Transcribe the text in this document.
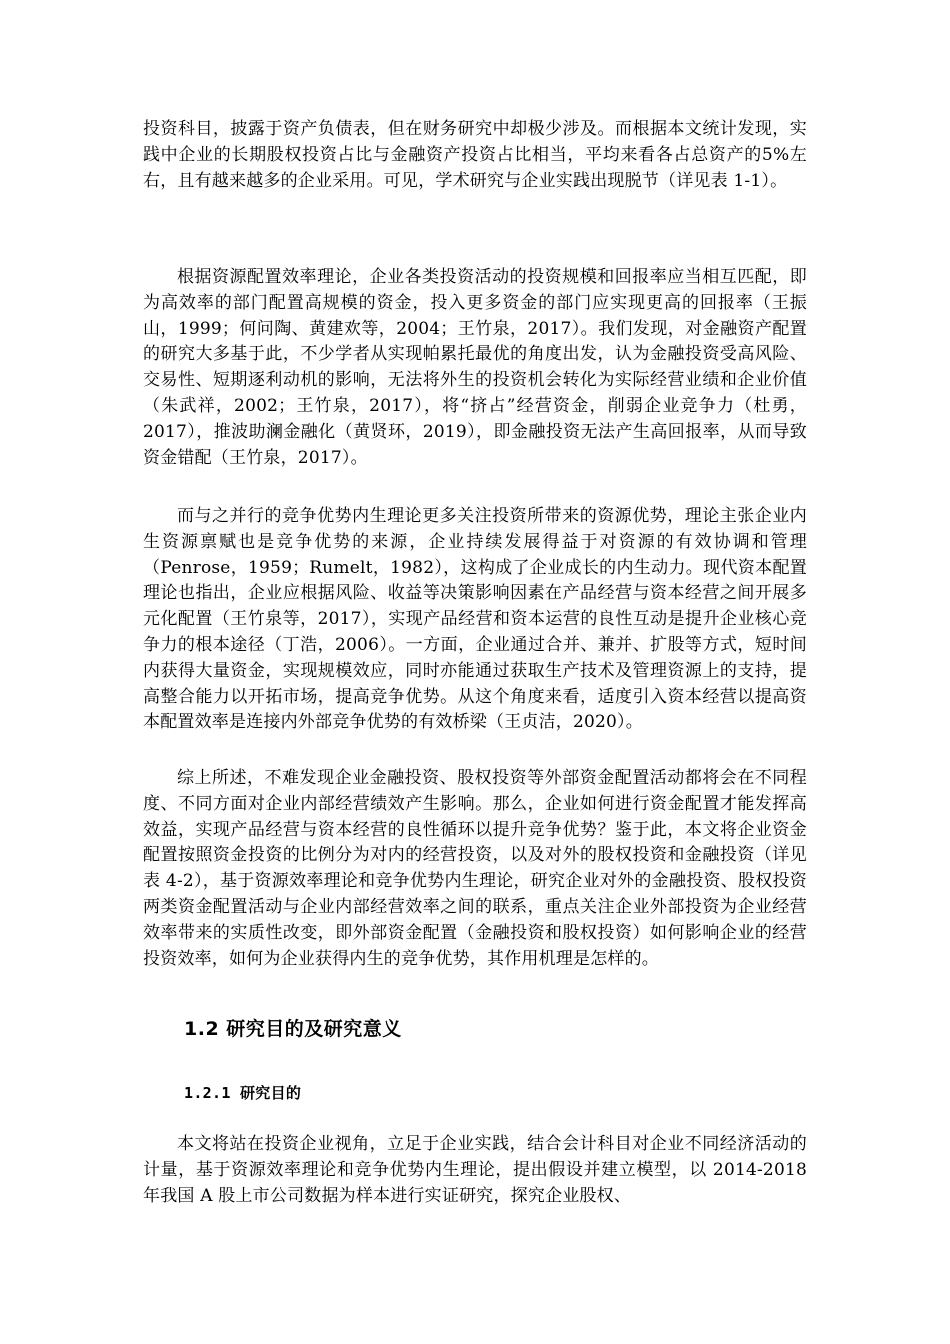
投资科目，披露于资产负债表，但在财务研究中却极少涉及。而根据本文统计发现，实践中企业的长期股权投资占比与金融资产投资占比相当，平均来看各占总资产的5%左右，且有越来越多的企业采用。可见，学术研究与企业实践出现脱节（详见表 1-1）。

根据资源配置效率理论，企业各类投资活动的投资规模和回报率应当相互匹配，即为高效率的部门配置高规模的资金，投入更多资金的部门应实现更高的回报率（王振山，1999；何问陶、黄建欢等，2004；王竹泉，2017）。我们发现，对金融资产配置的研究大多基于此，不少学者从实现帕累托最优的角度出发，认为金融投资受高风险、交易性、短期逐利动机的影响，无法将外生的投资机会转化为实际经营业绩和企业价值（朱武祥，2002；王竹泉，2017），将“挤占”经营资金，削弱企业竞争力（杜勇，2017），推波助澜金融化（黄贤环，2019），即金融投资无法产生高回报率，从而导致资金错配（王竹泉，2017）。

而与之并行的竞争优势内生理论更多关注投资所带来的资源优势，理论主张企业内生资源禀赋也是竞争优势的来源，企业持续发展得益于对资源的有效协调和管理（Penrose，1959；Rumelt，1982），这构成了企业成长的内生动力。现代资本配置理论也指出，企业应根据风险、收益等决策影响因素在产品经营与资本经营之间开展多元化配置（王竹泉等，2017），实现产品经营和资本运营的良性互动是提升企业核心竞争力的根本途径（丁浩，2006）。一方面，企业通过合并、兼并、扩股等方式，短时间内获得大量资金，实现规模效应，同时亦能通过获取生产技术及管理资源上的支持，提高整合能力以开拓市场，提高竞争优势。从这个角度来看，适度引入资本经营以提高资本配置效率是连接内外部竞争优势的有效桥梁（王贞洁，2020）。

综上所述，不难发现企业金融投资、股权投资等外部资金配置活动都将会在不同程度、不同方面对企业内部经营绩效产生影响。那么，企业如何进行资金配置才能发挥高效益，实现产品经营与资本经营的良性循环以提升竞争优势？鉴于此，本文将企业资金配置按照资金投资的比例分为对内的经营投资，以及对外的股权投资和金融投资（详见表 4-2），基于资源效率理论和竞争优势内生理论，研究企业对外的金融投资、股权投资两类资金配置活动与企业内部经营效率之间的联系，重点关注企业外部投资为企业经营效率带来的实质性改变，即外部资金配置（金融投资和股权投资）如何影响企业的经营投资效率，如何为企业获得内生的竞争优势，其作用机理是怎样的。

1.2 研究目的及研究意义
1.2.1 研究目的

本文将站在投资企业视角，立足于企业实践，结合会计科目对企业不同经济活动的计量，基于资源效率理论和竞争优势内生理论，提出假设并建立模型，以 2014-2018 年我国 A 股上市公司数据为样本进行实证研究，探究企业股权、
